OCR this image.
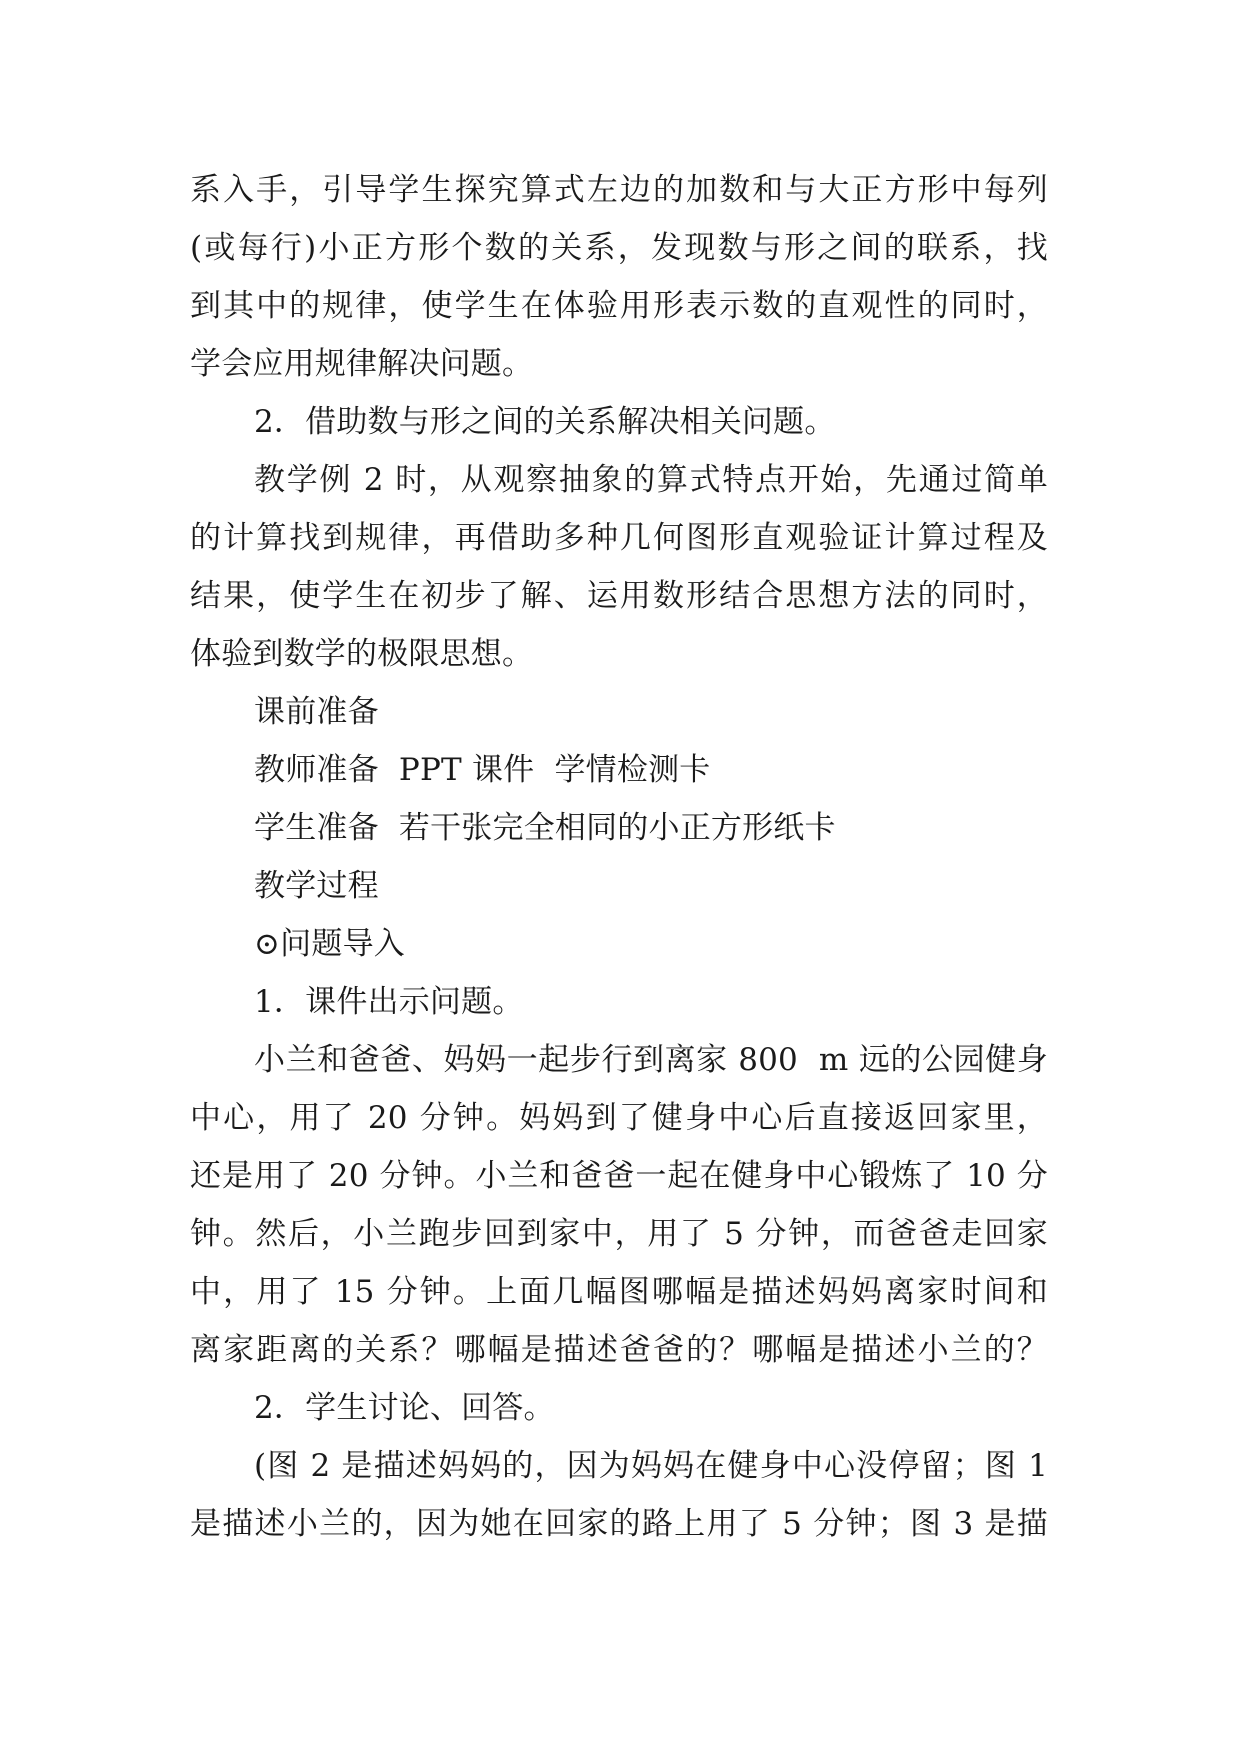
系入手，引导学生探究算式左边的加数和与大正方形中每列
(或每行)小正方形个数的关系，发现数与形之间的联系，找
到其中的规律，使学生在体验用形表示数的直观性的同时，
学会应用规律解决问题。
2．借助数与形之间的关系解决相关问题。
教学例 2 时，从观察抽象的算式特点开始，先通过简单
的计算找到规律，再借助多种几何图形直观验证计算过程及
结果，使学生在初步了解、运用数形结合思想方法的同时，
体验到数学的极限思想。
课前准备
教师准备  PPT 课件  学情检测卡
学生准备  若干张完全相同的小正方形纸卡
教学过程
⊙问题导入
1．课件出示问题。
小兰和爸爸、妈妈一起步行到离家 800  m 远的公园健身
中心，用了 20 分钟。妈妈到了健身中心后直接返回家里，
还是用了 20 分钟。小兰和爸爸一起在健身中心锻炼了 10 分
钟。然后，小兰跑步回到家中，用了 5 分钟，而爸爸走回家
中，用了 15 分钟。上面几幅图哪幅是描述妈妈离家时间和
离家距离的关系？哪幅是描述爸爸的？哪幅是描述小兰的？
2．学生讨论、回答。
(图 2 是描述妈妈的，因为妈妈在健身中心没停留；图 1
是描述小兰的，因为她在回家的路上用了 5 分钟；图 3 是描
